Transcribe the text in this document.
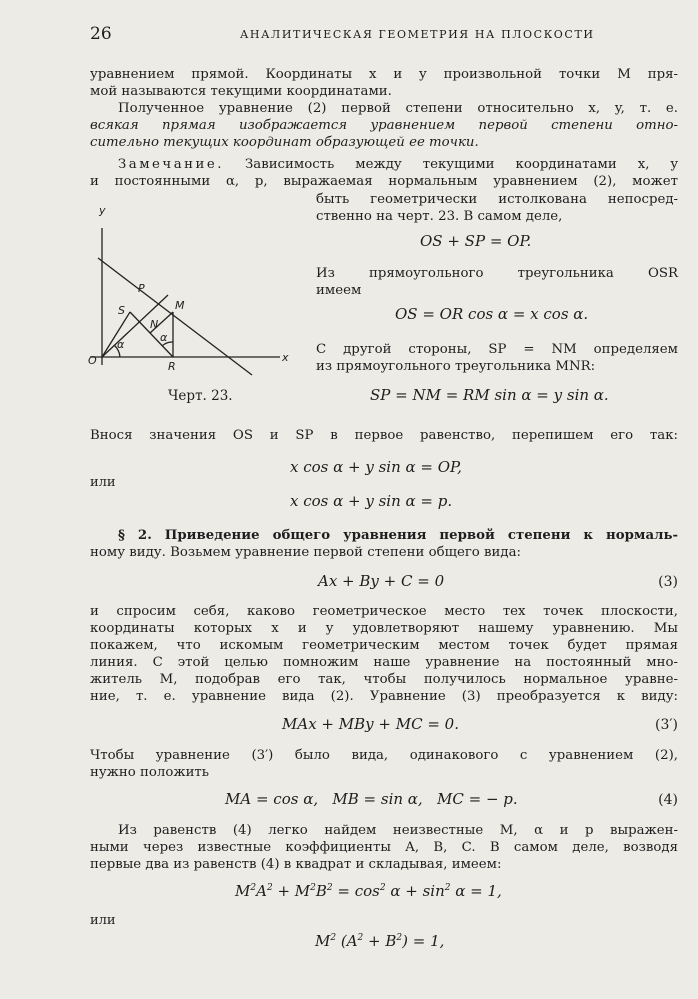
26	АНАЛИТИЧЕСКАЯ ГЕОМЕТРИЯ НА ПЛОСКОСТИ
уравнением прямой. Координаты x и y произвольной точки M пря-
мой называются текущими координатами.
Полученное уравнение (2) первой степени относительно x, y, т. е.
всякая прямая изображается уравнением первой степени отно-
сительно текущих координат образующей ее точки.
Замечание. Зависимость между текущими координатами x, y
и постоянными α, p, выражаемая нормальным уравнением (2), может
быть геометрически истолкована непосред-
ственно на черт. 23. В самом деле,
OS + SP = OP.
Из прямоугольного треугольника OSR
имеем
OS = OR cos α = x cos α.
С другой стороны, SP = NM определяем
из прямоугольного треугольника MNR:
SP = NM = RM sin α = y sin α.
y
x
O
P
S	M
N
R
α
α
Черт. 23.
Внося значения OS и SP в первое равенство, перепишем его так:
x cos α + y sin α = OP,
или
x cos α + y sin α = p.
§ 2. Приведение общего уравнения первой степени к нормаль-
ному виду. Возьмем уравнение первой степени общего вида:
Ax + By + C = 0	(3)
и спросим себя, каково геометрическое место тех точек плоскости,
координаты которых x и y удовлетворяют нашему уравнению. Мы
покажем, что искомым геометрическим местом точек будет прямая
линия. С этой целью помножим наше уравнение на постоянный мно-
житель M, подобрав его так, чтобы получилось нормальное уравне-
ние, т. е. уравнение вида (2). Уравнение (3) преобразуется к виду:
MAx + MBy + MC = 0.	(3′)
Чтобы уравнение (3′) было вида, одинакового с уравнением (2),
нужно положить
MA = cos α,   MB = sin α,   MC = − p.	(4)
Из равенств (4) легко найдем неизвестные M, α и p выражен-
ными через известные коэффициенты A, B, C. В самом деле, возводя
первые два из равенств (4) в квадрат и складывая, имеем:
$M^2A^2 + M^2B^2 = \cos^2 \alpha + \sin^2 \alpha = 1$,
или
$M^2$ $(A^2 + B^2) = 1$,
